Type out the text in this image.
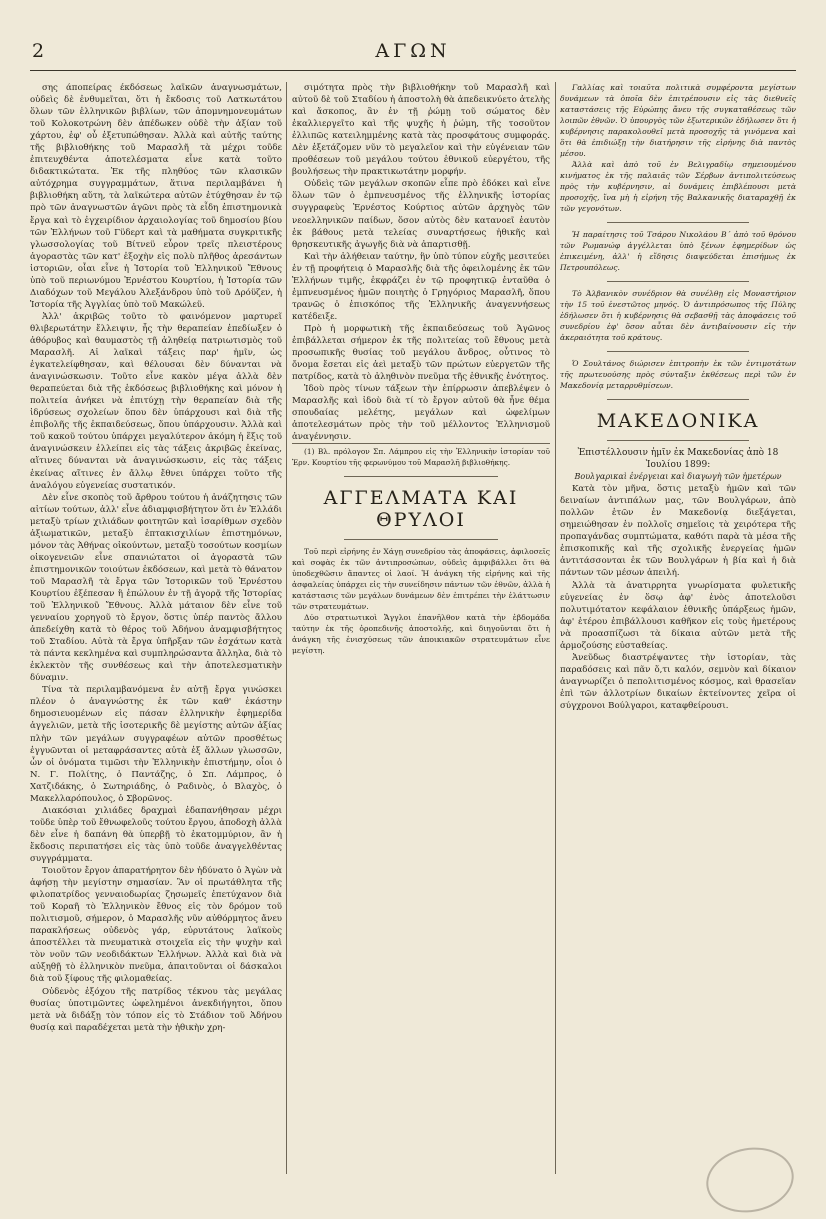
2	ΑΓΩΝ

σης άποπείρας έκδόσεως λαϊκῶν ἀναγνωσμάτων, οὐδεὶς δὲ ἐνθυμεῖται, ὅτι ἡ ἔκδοσις τοῦ Λατκωτάτου ὅλων τῶν ἑλληνικῶν βιβλίων, τῶν ἀπομνημονευμάτων τοῦ Κολοκοτρώνη δὲν ἀπέδωκεν οὐδὲ τὴν ἀξίαν τοῦ χάρτου, ἐφ' οὗ ἐξετυπώθησαν. Ἀλλὰ καὶ αὐτῆς ταύτης τῆς βιβλιοθήκης τοῦ Μαρασλῆ τὰ μέχρι τοῦδε ἐπιτευχθέντα ἀποτελέσματα εἶνε κατὰ τοῦτο διδακτικώτατα. Ἐκ τῆς πληθύος τῶν κλασικῶν αὐτόχρημα συγγραμμάτων, ἅτινα περιλαμβάνει ἡ βιβλιοθήκη αὕτη, τὰ λαϊκώτερα αὐτῶν ἐτύχθησαν ἐν τῷ πρὸ τῶν ἀναγνωστῶν ἀγῶνι πρὸς τὰ εἶδη ἐπιστημονικὰ ἔργα καὶ τὸ ἐγχειρίδιον ἀρχαιολογίας τοῦ δημοσίου βίου τῶν Ἑλλήνων τοῦ Γϋδερτ καὶ τὰ μαθήματα συγκριτικῆς γλωσσολογίας τοῦ Βίτνεϋ εὗρον τρεῖς πλειστέρους ἀγοραστὰς τῶν κατ' ἐξοχὴν εἰς πολὺ πλῆθος ἀρεσάντων ἱστοριῶν, οἷαι εἶνε ἡ Ἱστορία τοῦ Ἑλληνικοῦ Ἔθνους ὑπὸ τοῦ περιωνύμου Ἐρνέστου Κουρτίου, ἡ Ἱστορία τῶν Διαδόχων τοῦ Μεγάλου Ἀλεξάνδρου ὑπὸ τοῦ Δρόϋζεν, ἡ Ἱστορία τῆς Ἀγγλίας ὑπὸ τοῦ Μακώλεϋ.

Ἀλλ' ἀκριβῶς τοῦτο τὸ φαινόμενον μαρτυρεῖ θλιβερωτάτην ἔλλειψιν, ἧς τὴν θεραπείαν ἐπεδίωξεν ὁ ἀθόρυβος καὶ θαυμαστὸς τῇ ἀληθείᾳ πατριωτισμὸς τοῦ Μαρασλῆ. Αἱ λαϊκαὶ τάξεις παρ' ἡμῖν, ὡς ἐγκατελείφθησαν, καὶ θέλουσαι δὲν δύνανται νὰ ἀναγινώσκωσιν. Τοῦτο εἶνε κακὸν μέγα ἀλλὰ δὲν θεραπεύεται διὰ τῆς ἐκδόσεως βιβλιοθήκης καὶ μόνον ἡ πολιτεία ἀνήκει νὰ ἐπιτύχῃ τὴν θεραπείαν διὰ τῆς ἱδρύσεως σχολείων ὅπου δὲν ὑπάρχουσι καὶ διὰ τῆς ἐπιβολῆς τῆς ἐκπαιδεύσεως, ὅπου ὑπάρχουσιν. Ἀλλὰ καὶ τοῦ κακοῦ τούτου ὑπάρχει μεγαλύτερον ἀκόμη ἡ ἕξις τοῦ ἀναγινώσκειν ἐλλείπει εἰς τὰς τάξεις ἀκριβῶς ἐκείνας, αἵτινες δύνανται νὰ ἀναγινώσκωσιν, εἰς τὰς τάξεις ἐκείνας αἵτινες ἐν ἄλλῳ ἔθνει ὑπάρχει τοῦτο τῆς ἀναλόγου εὐγενείας συστατικόν.

Δὲν εἶνε σκοπὸς τοῦ ἄρθρου τούτου ἡ ἀνάζητησις τῶν αἰτίων τούτων, ἀλλ' εἶνε ἀδιαμφισβήτητον ὅτι ἐν Ἑλλάδι μεταξὺ τρίων χιλιάδων φοιτητῶν καὶ ἰσαρίθμων σχεδὸν ἀξιωματικῶν, μεταξὺ ἑπτακισχιλίων ἐπιστημόνων, μόνον τὰς Ἀθήνας οἰκούντων, μεταξὺ τοσούτων κοσμίων οἰκογενειῶν εἶνε σπανιώτατοι οἱ ἀγοραστὰ τῶν ἐπιστημονικῶν τοιούτων ἐκδόσεων, καὶ μετὰ τὸ θάνατον τοῦ Μαρασλῆ τὰ ἔργα τῶν Ἱστορικῶν τοῦ Ἐρνέστου Κουρτίου ἐξέπεσαν ἢ ἐπώλουν ἐν τῇ ἀγορᾷ τῆς Ἱστορίας τοῦ Ἑλληνικοῦ Ἔθνους. Ἀλλὰ μάταιον δὲν εἶνε τοῦ γενναίου χορηγοῦ τὸ ἔργον, ὅστις ὑπέρ παντὸς ἄλλου ἀπεδείχθη κατὰ τὸ θέρος τοῦ Ἀδήνου ἀναμφισβήτητος τοῦ Σταδίου. Αὐτὰ τὰ ἔργα ὑπῆρξαν τῶν ἐσχάτων κατὰ τὰ πάντα κεκλημένα καὶ συμπληρώσαντα ἄλληλα, διὰ τὸ ἐκλεκτὸν τῆς συνθέσεως καὶ τὴν ἀποτελεσματικὴν δύναμιν.

Τίνα τὰ περιλαμβανόμενα ἐν αὐτῇ ἔργα γινώσκει πλέον ὁ ἀναγνώστης ἐκ τῶν καθ' ἑκάστην δημοσιευομένων εἰς πάσαν ἑλληνικὴν ἐφημερίδα ἀγγελιῶν, μετὰ τῆς ἰσοτερικῆς δὲ μεγίστης αὐτῶν ἀξίας πλὴν τῶν μεγάλων συγγραφέων αὐτῶν προσθέτως ἐγγυῶνται οἱ μεταφράσαντες αὐτὰ ἐξ ἄλλων γλωσσῶν, ὧν οἱ ὀνόματα τιμῶσι τὴν Ἑλληνικὴν ἐπιστήμην, οἷοι ὁ Ν. Γ. Πολίτης, ὁ Παντάζης, ὁ Σπ. Λάμπρος, ὁ Χατζιδάκης, ὁ Σωτηριάδης, ὁ Ραδινὸς, ὁ Βλαχὸς, ὁ Μακελλαρόπουλος, ὁ Σβορῶνος.

Διακόσιαι χιλιάδες δραχμαὶ ἐδαπανήθησαν μέχρι τοῦδε ὑπὲρ τοῦ ἔθνωφελοῦς τούτου ἔργου, ἀποδοχὴ ἀλλὰ δὲν εἶνε ἡ δαπάνη θὰ ὑπερβῇ τὸ ἑκατομμύριον, ἂν ἡ ἔκδοσις περιπατήσει εἰς τὰς ὑπὸ τοῦδε ἀναγγελθέντας συγγράμματα.

Τοιοῦτον ἔργον ἀπαρατήρητον δὲν ἠδύνατο ὁ Ἀγὼν νὰ ἀφήσῃ τὴν μεγίστην σημασίαν. Ἂν οἱ πρωτάθλητα τῆς φιλοπατρίδος γενναιοδωρίας ζησωμεῖς ἐπετύχανον διὰ τοῦ Κοραῆ τὸ Ἑλληνικὸν ἔθνος εἰς τὸν δρόμον τοῦ πολιτισμοῦ, σήμερον, ὁ Μαρασλῆς νῦν αὐθόρμητος ἄνευ παρακλήσεως οὐδενὸς γάρ, εὐρυτάτους λαϊκοὺς ἀποστέλλει τὰ πνευματικὰ στοιχεῖα εἰς τὴν ψυχὴν καὶ τὸν νοῦν τῶν νεοδιδάκτων Ἑλλήνων. Ἀλλὰ καὶ διὰ νὰ αὐξηθῇ τὸ ἑλληνικὸν πνεῦμα, ἀπαιτοῦνται οἱ δάσκαλοι διὰ τοῦ ξίφους τῆς φιλομαθείας.

Οὐδενὸς ἐξόχου τῆς πατρίδος τέκνου τὰς μεγάλας θυσίας ὑποτιμῶντες ὠφελημένοι ἀνεκδιήγητοι, ὅπου μετὰ νὰ διδάξῃ τὸν τόπον εἰς τὸ Στάδιον τοῦ Ἀδήνου θυσίᾳ καὶ παραδέχεται μετὰ τὴν ἠθικὴν χρη-

σιμότητα πρὸς τὴν βιβλιοθήκην τοῦ Μαρασλῆ καὶ αὐτοῦ δὲ τοῦ Σταδίου ἡ ἀποστολὴ θὰ ἀπεδεικνύετο ἀτελὴς καὶ ἄσκοπος, ἂν ἐν τῇ ῥώμῃ τοῦ σώματος δὲν ἐκαλλιεργεῖτο καὶ τῆς ψυχῆς ἡ ῥώμη, τῆς τοσοῦτον ἐλλιπῶς κατειλημμένης κατὰ τὰς προσφάτους συμφοράς. Δὲν ἐξετάζομεν νῦν τὸ μεγαλεῖον καὶ τὴν εὐγένειαν τῶν προθέσεων τοῦ μεγάλου τούτου ἐθνικοῦ εὐεργέτου, τῆς βουλήσεως τὴν πρακτικωτάτην μορφήν.

Οὐδεὶς τῶν μεγάλων σκοπῶν εἶπε πρὸ ἐδόκει καὶ εἶνε ὅλων τῶν ὁ ἐμπνευσμένος τῆς ἑλληνικῆς ἱστορίας συγγραφεὺς Ἐρνέστος Κούρτιος αὐτῶν ἀρχηγὸς τῶν νεοελληνικῶν παίδων, ὅσον αὐτὸς δὲν κατανοεῖ ἑαυτὸν ἐκ βάθους μετὰ τελείας συναρτήσεως ἠθικῆς καὶ θρησκευτικῆς ἀγωγῆς διὰ νὰ ἀπαρτισθῇ.

Καὶ τὴν ἀλήθειαν ταύτην, ἣν ὑπὸ τύπον εὐχῆς μεσιτεύει ἐν τῇ προφήτειᾳ ὁ Μαρασλῆς διὰ τῆς ὀφειλομένης ἐκ τῶν Ἑλλήνων τιμῆς, ἐκφράζει ἐν τῷ προφητικῷ ἐνταῦθα ὁ ἐμπνευσμένος ἡμῶν ποιητὴς ὁ Γρηγόριος Μαρασλῆ, ὅπου τρανῶς ὁ ἐπισκόπος τῆς Ἑλληνικῆς ἀναγεννήσεως κατέδειξε.

Πρὸ ἡ μορφωτικὴ τῆς ἐκπαιδεύσεως τοῦ Ἀγῶνος ἐπιβάλλεται σήμερον ἐκ τῆς πολιτείας τοῦ ἔθνους μετὰ προσωπικῆς θυσίας τοῦ μεγάλου ἄνδρος, οὗτινος τὸ ὄνομα ἔσεται εἰς ἀεὶ μεταξὺ τῶν πρώτων εὐεργετῶν τῆς πατρίδος, κατὰ τὸ ἀληθινὸν πνεῦμα τῆς ἐθνικῆς ἐνότητος.

Ἰδοὺ πρὸς τίνων τάξεων τὴν ἐπίρρωσιν ἀπεβλέψεν ὁ Μαρασλῆς καὶ ἰδοὺ διὰ τί τὸ ἔργον αὐτοῦ θὰ ἦνε θέμα σπουδαίας μελέτης, μεγάλων καὶ ὠφελίμων ἀποτελεσμάτων πρὸς τὴν τοῦ μέλλοντος Ἑλληνισμοῦ ἀναγέννησιν.

(1) Βλ. πρόλογον Σπ. Λάμπρου εἰς τὴν Ἑλληνικὴν ἱστορίαν τοῦ Ἐρν. Κουρτίου τῆς φερωνύμου τοῦ Μαρασλῆ βιβλιοθήκης.

ΑΓΓΕΛΜΑΤΑ ΚΑΙ ΘΡΥΛΟΙ

Τοῦ περὶ εἰρήνης ἐν Χάγῃ συνεδρίου τὰς ἀποφάσεις, ἀφιλοσεῖς καὶ σοφὰς ἐκ τῶν ἀντιπροσώπων, οὐδεὶς ἀμφιβάλλει ὅτι θὰ ὑποδεχθῶσιν ἅπαντες οἱ λαοί. Ἡ ἀνάγκη τῆς εἰρήνης καὶ τῆς ἀσφαλείας ὑπάρχει εἰς τὴν συνείδησιν πάντων τῶν ἐθνῶν, ἀλλὰ ἡ κατάστασις τῶν μεγάλων δυνάμεων δὲν ἐπιτρέπει τὴν ἐλάττωσιν τῶν στρατευμάτων.

Δύο στρατιωτικοὶ Ἄγγλοι ἐπανῆλθον κατὰ τὴν ἑβδομάδα ταύτην ἐκ τῆς ὀροπεδινῆς ἀποστολῆς, καὶ διηγοῦνται ὅτι ἡ ἀνάγκη τῆς ἐνισχύσεως τῶν ἀποικιακῶν στρατευμάτων εἶνε μεγίστη.

Γαλλίας καὶ τοιαῦτα πολιτικὰ συμφέροντα μεγίστων δυνάμεων τὰ ὁποῖα δὲν ἐπιτρέπουσιν εἰς τὰς διεθνεῖς καταστάσεις τῆς Εὐρώπης ἄνευ τῆς συγκαταθέσεως τῶν λοιπῶν ἐθνῶν. Ὁ ὑπουργὸς τῶν ἐξωτερικῶν ἐδήλωσεν ὅτι ἡ κυβέρνησις παρακολουθεῖ μετὰ προσοχῆς τὰ γινόμενα καὶ ὅτι θὰ ἐπιδιώξῃ τὴν διατήρησιν τῆς εἰρήνης διὰ παντὸς μέσου.

Ἀλλὰ καὶ ἀπὸ τοῦ ἐν Βελιγραδίῳ σημειουμένου κινήματος ἐκ τῆς παλαιᾶς τῶν Σέρβων ἀντιπολιτεύσεως πρὸς τὴν κυβέρνησιν, αἱ δυνάμεις ἐπιβλέπουσι μετὰ προσοχῆς, ἵνα μὴ ἡ εἰρήνη τῆς Βαλκανικῆς διαταραχθῇ ἐκ τῶν γεγονότων.

Ἡ παραίτησις τοῦ Τσάρου Νικολάου Β΄ ἀπὸ τοῦ θρόνου τῶν Ρωμανώφ ἀγγέλλεται ὑπὸ ξένων ἐφημερίδων ὡς ἐπικειμένη, ἀλλ' ἡ εἴδησις διαψεύδεται ἐπισήμως ἐκ Πετρουπόλεως.

Τὸ Ἀλβανικὸν συνέδριον θὰ συνέλθῃ εἰς Μοναστήριον τὴν 15 τοῦ ἐνεστῶτος μηνός. Ὁ ἀντιπρόσωπος τῆς Πύλης ἐδήλωσεν ὅτι ἡ κυβέρνησις θὰ σεβασθῇ τὰς ἀποφάσεις τοῦ συνεδρίου ἐφ' ὅσον αὗται δὲν ἀντιβαίνουσιν εἰς τὴν ἀκεραιότητα τοῦ κράτους.

Ὁ Σουλτάνος διώρισεν ἐπιτροπὴν ἐκ τῶν ἐντιμοτάτων τῆς πρωτευούσης πρὸς σύνταξιν ἐκθέσεως περὶ τῶν ἐν Μακεδονίᾳ μεταρρυθμίσεων.

ΜΑΚΕΔΟΝΙΚΑ

Ἐπιστέλλουσιν ἡμῖν ἐκ Μακεδονίας ἀπὸ 18 Ἰουλίου 1899:

Βουλγαρικαὶ ἐνέργειαι καὶ διαγωγὴ τῶν ἡμετέρων

Κατὰ τὸν μῆνα, ὅστις μεταξὺ ἡμῶν καὶ τῶν δειναίων ἀντιπάλων μας, τῶν Βουλγάρων, ἀπὸ πολλῶν ἐτῶν ἐν Μακεδονίᾳ διεξάγεται, σημειώθησαν ἐν πολλοῖς σημεῖοις τὰ χειρότερα τῆς προπαγάνδας συμπτώματα, καθότι παρὰ τὰ μέσα τῆς ἐπισκοπικῆς καὶ τῆς σχολικῆς ἐνεργείας ἡμῶν ἀντιτάσσονται ἐκ τῶν Βουλγάρων ἡ βία καὶ ἡ διὰ πάντων τῶν μέσων ἀπειλή.

Ἀλλὰ τὰ ἀνατιρρητα γνωρίσματα φυλετικῆς εὐγενείας ἐν ὅσῳ ἀφ' ἑνὸς ἀποτελοῦσι πολυτιμότατον κεφάλαιον ἐθνικῆς ὑπάρξεως ἡμῶν, ἀφ' ἑτέρου ἐπιβάλλουσι καθῆκον εἰς τοὺς ἡμετέρους νὰ προασπίζωσι τὰ δίκαια αὐτῶν μετὰ τῆς ἀρμοζούσης εὐσταθείας.

Ἀνεῦδως διαστρέψαντες τὴν ἱστορίαν, τὰς παραδόσεις καὶ πᾶν ὅ,τι καλόν, σεμνὸν καὶ δίκαιον ἀναγνωρίζει ὁ πεπολιτισμένος κόσμος, καὶ θρασεῖαν ἐπὶ τῶν ἀλλοτρίων δικαίων ἐκτείνοντες χεῖρα οἱ σύγχρονοι Βούλγαροι, καταφθείρουσι.
